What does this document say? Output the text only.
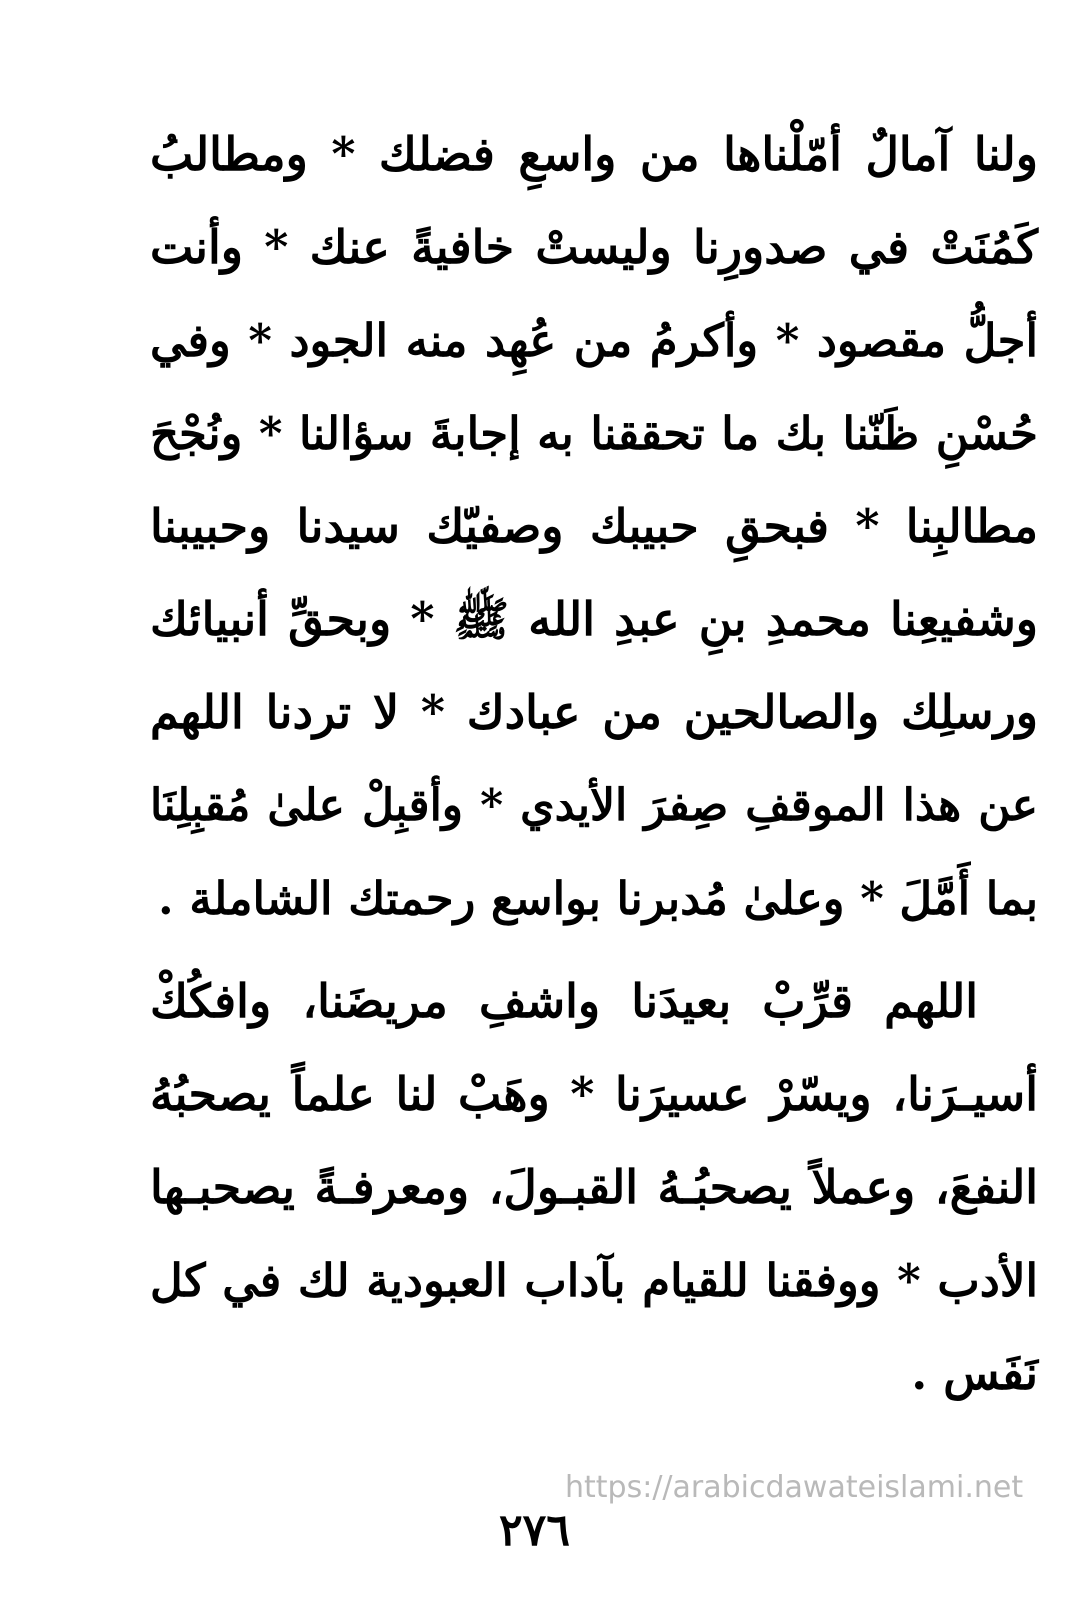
ولنا آمالٌ أمّلْناها من واسعِ فضلك * ومطالبُ
كَمُنَتْ في صدورِنا وليستْ خافيةً عنك * وأنت
أجلُّ مقصود * وأكرمُ من عُهِد منه الجود * وفي
حُسْنِ ظَنّنا بك ما تحققنا به إجابةَ سؤالنا * ونُجْحَ
مطالبِنا * فبحقِ حبيبك وصفيّك سيدنا وحبيبنا
وشفيعِنا محمدِ بنِ عبدِ الله ﷺ * وبحقِّ أنبيائك
ورسلِك والصالحين من عبادك * لا تردنا اللهم
عن هذا الموقفِ صِفرَ الأيدي * وأقبِلْ علىٰ مُقبِلِنَا
بما أَمَّلَ * وعلىٰ مُدبرنا بواسع رحمتك الشاملة .
اللهم قرِّبْ بعيدَنا واشفِ مريضَنا، وافكُكْ
أسيـرَنا، ويسّرْ عسيرَنا * وهَبْ لنا علماً يصحبُهُ
النفعَ، وعملاً يصحبُـهُ القبـولَ، ومعرفـةً يصحبـها
الأدب * ووفقنا للقيام بآداب العبودية لك في كل
نَفَس .
https://arabicdawateislami.net
٢٧٦
